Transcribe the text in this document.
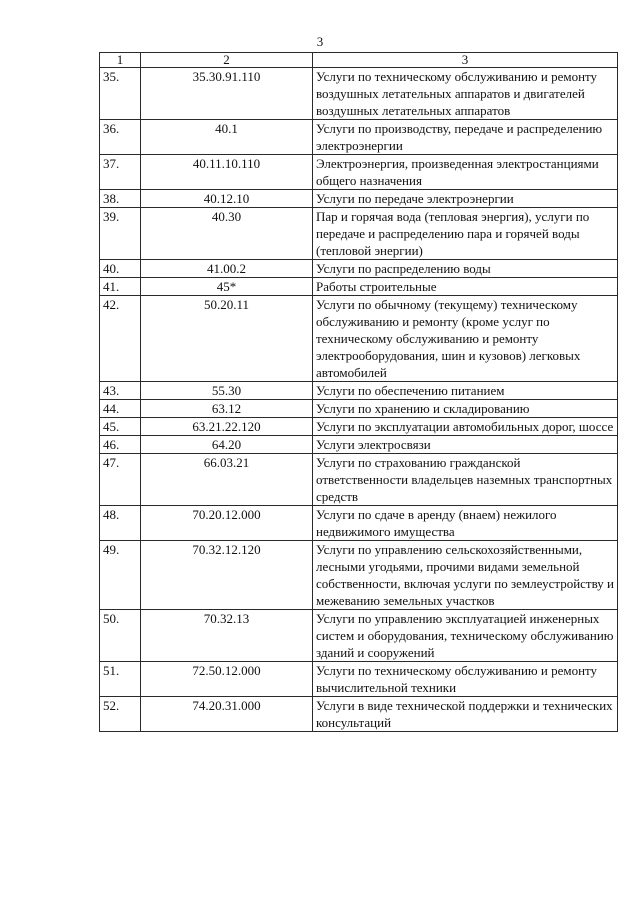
3
1	2	3
35.	35.30.91.110	Услуги по техническому обслуживанию и ремонту воздушных летательных аппаратов и двигателей воздушных летательных аппаратов
36.	40.1	Услуги по производству, передаче и распределению электроэнергии
37.	40.11.10.110	Электроэнергия, произведенная электростанциями общего назначения
38.	40.12.10	Услуги по передаче электроэнергии
39.	40.30	Пар и горячая вода (тепловая энергия), услуги по передаче и распределению пара и горячей воды (тепловой энергии)
40.	41.00.2	Услуги по распределению воды
41.	45*	Работы строительные
42.	50.20.11	Услуги по обычному (текущему) техническому обслуживанию и ремонту (кроме услуг по техническому обслуживанию и ремонту электрооборудования, шин и кузовов) легковых автомобилей
43.	55.30	Услуги по обеспечению питанием
44.	63.12	Услуги по хранению и складированию
45.	63.21.22.120	Услуги по эксплуатации автомобильных дорог, шоссе
46.	64.20	Услуги электросвязи
47.	66.03.21	Услуги по страхованию гражданской ответственности владельцев наземных транспортных средств
48.	70.20.12.000	Услуги по сдаче в аренду (внаем) нежилого недвижимого имущества
49.	70.32.12.120	Услуги по управлению сельскохозяйственными, лесными угодьями, прочими видами земельной собственности, включая услуги по землеустройству и межеванию земельных участков
50.	70.32.13	Услуги по управлению эксплуатацией инженерных систем и оборудования, техническому обслуживанию зданий и сооружений
51.	72.50.12.000	Услуги по техническому обслуживанию и ремонту вычислительной техники
52.	74.20.31.000	Услуги в виде технической поддержки и технических консультаций
